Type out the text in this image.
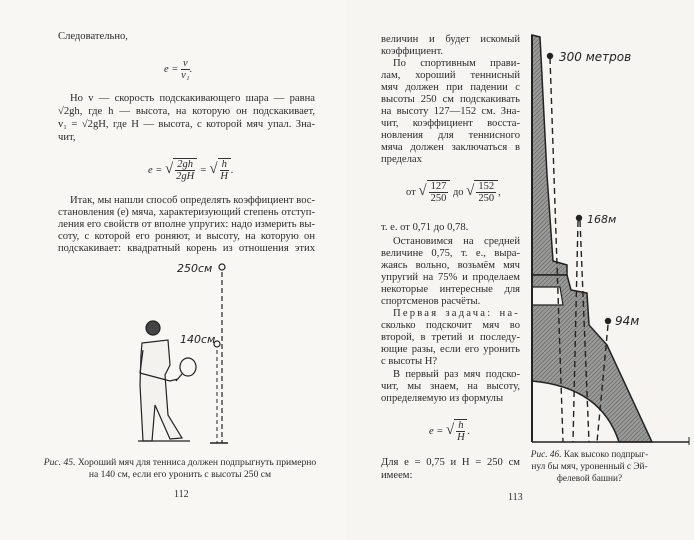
Следовательно,
$e = \frac{v}{\text{v₁}}$ .
Но v — скорость подскакивающего шара — равна
√2gh, где h — высота, на которую он подскакивает,
v₁ = √2gH, где H — высота, с которой мяч упал. Зна-
чит,
e = √ $\frac{2gh}{2gH}$ = √ $\frac{h}{H}$ .
Итак, мы нашли способ определять коэффициент вос-
становления (e) мяча, характеризующий степень отступ-
ления его свойств от вполне упругих: надо измерить вы-
соту, с которой его роняют, и высоту, на которую он
подскакивает: квадратный корень из отношения этих
250см
140см
Рис. 45. Хороший мяч для тенниса должен подпрыгнуть примерно
на 140 см, если его уронить с высоты 250 см
112
величин и будет искомый
коэффициент.
По спортивным прави-
лам, хороший теннисный
мяч должен при падении с
высоты 250 см подскакивать
на высоту 127—152 см. Зна-
чит, коэффициент восста-
новления для теннисного
мяча должен заключаться в
пределах
от √ $\frac{127}{250}$ до √ $\frac{152}{250}$ ,
т. е. от 0,71 до 0,78.
Остановимся на средней
величине 0,75, т. е., выра-
жаясь вольно, возьмём мяч
упругий на 75% и проделаем
некоторые интересные для
спортсменов расчёты.
Первая задача: на-
сколько подскочит мяч во
второй, в третий и последу-
ющие разы, если его уронить
с высоты H?
В первый раз мяч подско-
чит, мы знаем, на высоту,
определяемую из формулы
e = √ $\frac{h}{H}$ .
Для e = 0,75 и H = 250 см
имеем:
300 метров
168м
94м
Рис. 46. Как высоко подпрыг-
нул бы мяч, уроненный с Эй-
фелевой башни?
113
